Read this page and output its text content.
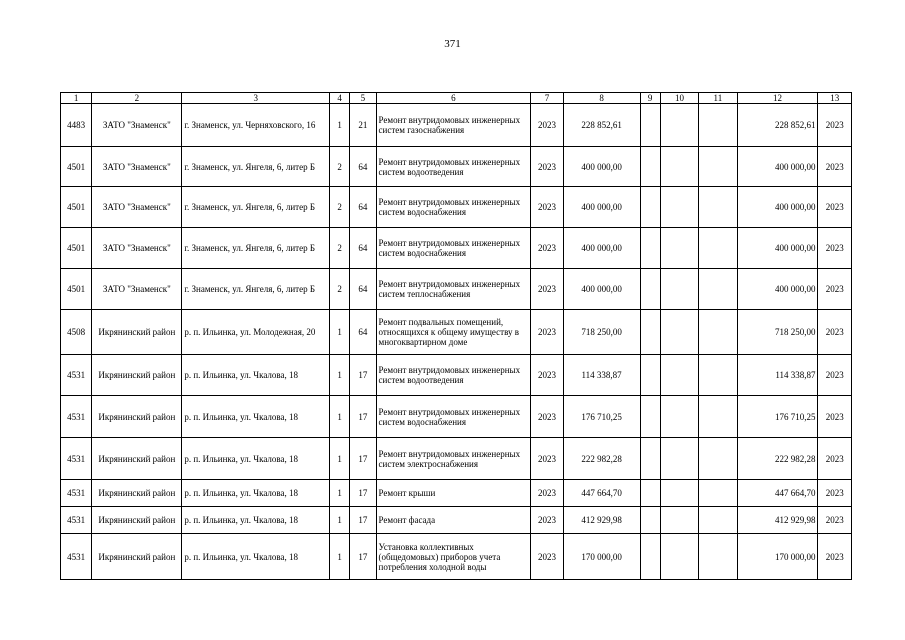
371
1	2	3	4	5	6	7	8	9	10	11	12	13
4483	ЗАТО "Знаменск"	г. Знаменск, ул. Черняховского, 16	1	21	Ремонт внутридомовых инженерных систем газоснабжения	2023	228 852,61				228 852,61	2023
4501	ЗАТО "Знаменск"	г. Знаменск, ул. Янгеля, 6, литер Б	2	64	Ремонт внутридомовых инженерных систем водоотведения	2023	400 000,00				400 000,00	2023
4501	ЗАТО "Знаменск"	г. Знаменск, ул. Янгеля, 6, литер Б	2	64	Ремонт внутридомовых инженерных систем водоснабжения	2023	400 000,00				400 000,00	2023
4501	ЗАТО "Знаменск"	г. Знаменск, ул. Янгеля, 6, литер Б	2	64	Ремонт внутридомовых инженерных систем водоснабжения	2023	400 000,00				400 000,00	2023
4501	ЗАТО "Знаменск"	г. Знаменск, ул. Янгеля, 6, литер Б	2	64	Ремонт внутридомовых инженерных систем теплоснабжения	2023	400 000,00				400 000,00	2023
4508	Икрянинский район	р. п. Ильинка, ул. Молодежная, 20	1	64	Ремонт подвальных помещений, относящихся к общему имуществу в многоквартирном доме	2023	718 250,00				718 250,00	2023
4531	Икрянинский район	р. п. Ильинка, ул. Чкалова, 18	1	17	Ремонт внутридомовых инженерных систем водоотведения	2023	114 338,87				114 338,87	2023
4531	Икрянинский район	р. п. Ильинка, ул. Чкалова, 18	1	17	Ремонт внутридомовых инженерных систем водоснабжения	2023	176 710,25				176 710,25	2023
4531	Икрянинский район	р. п. Ильинка, ул. Чкалова, 18	1	17	Ремонт внутридомовых инженерных систем электроснабжения	2023	222 982,28				222 982,28	2023
4531	Икрянинский район	р. п. Ильинка, ул. Чкалова, 18	1	17	Ремонт крыши	2023	447 664,70				447 664,70	2023
4531	Икрянинский район	р. п. Ильинка, ул. Чкалова, 18	1	17	Ремонт фасада	2023	412 929,98				412 929,98	2023
4531	Икрянинский район	р. п. Ильинка, ул. Чкалова, 18	1	17	Установка коллективных (общедомовых) приборов учета потребления холодной воды	2023	170 000,00				170 000,00	2023
